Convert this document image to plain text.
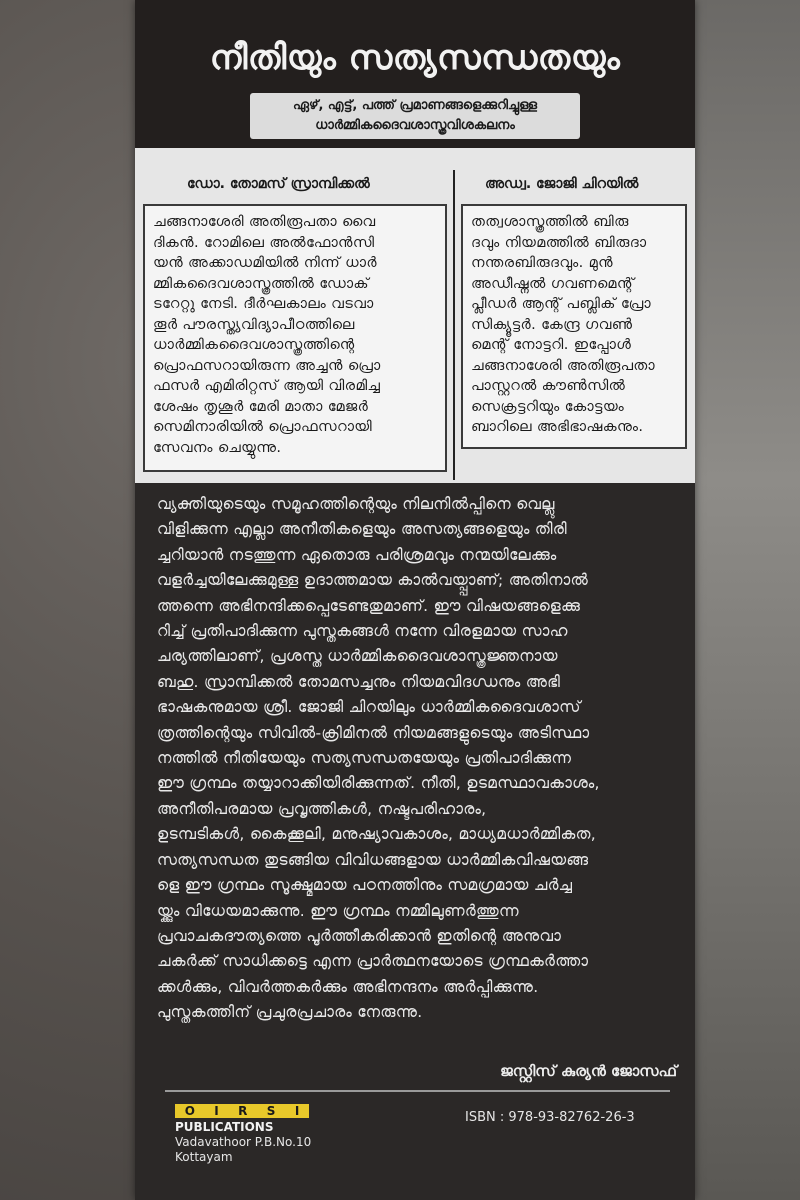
നീതിയും സത്യസന്ധതയും
ഏഴ്, എട്ട്, പത്ത് പ്രമാണങ്ങളെക്കുറിച്ചുള്ള
ധാർമ്മികദൈവശാസ്ത്രവിശകലനം
ഡോ. തോമസ് സ്രാമ്പിക്കൽ
ചങ്ങനാശേരി അതിരൂപതാ വൈ
ദികൻ. റോമിലെ അൽഫോൻസി
യൻ അക്കാഡമിയിൽ നിന്ന് ധാർ
മ്മികദൈവശാസ്ത്രത്തിൽ ഡോക്
ടറേറ്റു നേടി. ദീർഘകാലം വടവാ
തൂർ പൗരസ്ത്യവിദ്യാപീഠത്തിലെ
ധാർമ്മികദൈവശാസ്ത്രത്തിന്റെ
പ്രൊഫസറായിരുന്ന അച്ചൻ പ്രൊ
ഫസർ എമിരിറ്റസ് ആയി വിരമിച്ച
ശേഷം തൃശൂർ മേരി മാതാ മേജർ
സെമിനാരിയിൽ പ്രൊഫസറായി
സേവനം ചെയ്യുന്നു.
അഡ്വ. ജോജി ചിറയിൽ
തത്വശാസ്ത്രത്തിൽ ബിരു
ദവും നിയമത്തിൽ ബിരുദാ
നന്തരബിരുദവും. മുൻ
അഡീഷ്നൽ ഗവണമെന്റ്
പ്ലീഡർ ആന്റ് പബ്ലിക് പ്രോ
സിക്യൂട്ടർ. കേന്ദ്ര ഗവൺ
മെന്റ് നോട്ടറി. ഇപ്പോൾ
ചങ്ങനാശേരി അതിരൂപതാ
പാസ്റ്ററൽ കൗൺസിൽ
സെക്രട്ടറിയും കോട്ടയം
ബാറിലെ അഭിഭാഷകനും.
വ്യക്തിയുടെയും സമൂഹത്തിന്റെയും നിലനിൽപ്പിനെ വെല്ലു
വിളിക്കുന്ന എല്ലാ അനീതികളെയും അസത്യങ്ങളെയും തിരി
ച്ചറിയാൻ നടത്തുന്ന ഏതൊരു പരിശ്രമവും നന്മയിലേക്കും
വളർച്ചയിലേക്കുമുള്ള ഉദാത്തമായ കാൽവയ്പ്പാണ്; അതിനാൽ
ത്തന്നെ അഭിനന്ദിക്കപ്പെടേണ്ടതുമാണ്. ഈ വിഷയങ്ങളെക്കു
റിച്ച് പ്രതിപാദിക്കുന്ന പുസ്തകങ്ങൾ നന്നേ വിരളമായ സാഹ
ചര്യത്തിലാണ്, പ്രശസ്ത ധാർമ്മികദൈവശാസ്ത്രജ്ഞനായ
ബഹു. സ്രാമ്പിക്കൽ തോമസച്ചനും നിയമവിദഗ്ധനും അഭി
ഭാഷകനുമായ ശ്രീ. ജോജി ചിറയിലും ധാർമ്മികദൈവശാസ്
ത്രത്തിന്റെയും സിവിൽ-ക്രിമിനൽ നിയമങ്ങളുടെയും അടിസ്ഥാ
നത്തിൽ നീതിയേയും സത്യസന്ധതയേയും പ്രതിപാദിക്കുന്ന
ഈ ഗ്രന്ഥം തയ്യാറാക്കിയിരിക്കുന്നത്. നീതി, ഉടമസ്ഥാവകാശം,
അനീതിപരമായ പ്രവൃത്തികൾ, നഷ്ടപരിഹാരം,
ഉടമ്പടികൾ, കൈക്കൂലി, മനുഷ്യാവകാശം, മാധ്യമധാർമ്മികത,
സത്യസന്ധത തുടങ്ങിയ വിവിധങ്ങളായ ധാർമ്മികവിഷയങ്ങ
ളെ ഈ ഗ്രന്ഥം സൂക്ഷ്മമായ പഠനത്തിനും സമഗ്രമായ ചർച്ച
യ്ക്കും വിധേയമാക്കുന്നു. ഈ ഗ്രന്ഥം നമ്മിലുണർത്തുന്ന
പ്രവാചകദൗത്യത്തെ പൂർത്തീകരിക്കാൻ ഇതിന്റെ അനുവാ
ചകർക്ക് സാധിക്കട്ടെ എന്ന പ്രാർത്ഥനയോടെ ഗ്രന്ഥകർത്താ
ക്കൾക്കും, വിവർത്തകർക്കും അഭിനന്ദനം അർപ്പിക്കുന്നു.
പുസ്തകത്തിന് പ്രചുരപ്രചാരം നേരുന്നു.
ജസ്റ്റിസ് കുര്യൻ ജോസഫ്
O I R S I
PUBLICATIONS
Vadavathoor P.B.No.10
Kottayam
ISBN : 978-93-82762-26-3
